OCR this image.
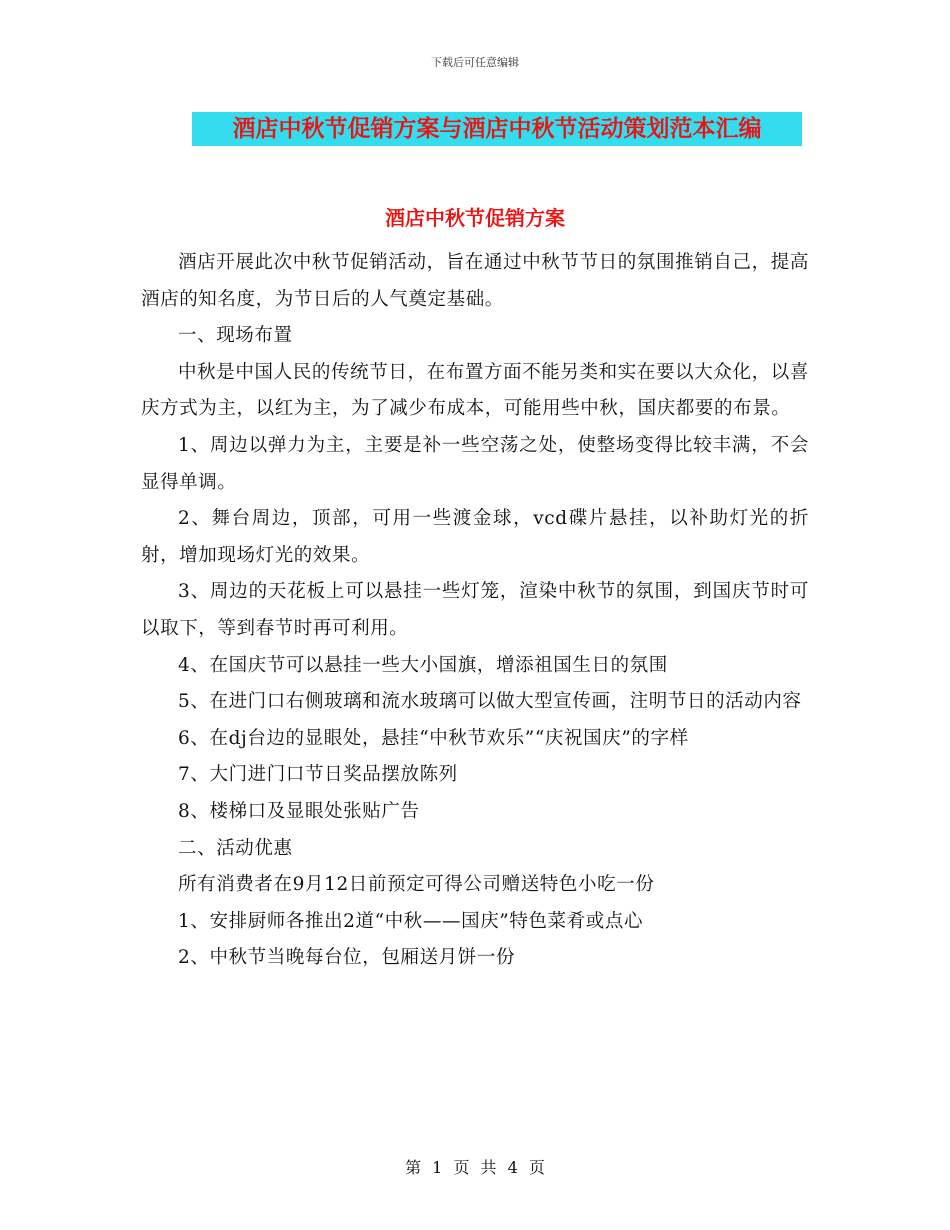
下载后可任意编辑
酒店中秋节促销方案与酒店中秋节活动策划范本汇编
酒店中秋节促销方案

酒店开展此次中秋节促销活动，旨在通过中秋节节日的氛围推销自己，提高酒店的知名度，为节日后的人气奠定基础。

一、现场布置

中秋是中国人民的传统节日，在布置方面不能另类和实在要以大众化，以喜庆方式为主，以红为主，为了减少布成本，可能用些中秋，国庆都要的布景。

1、周边以弹力为主，主要是补一些空荡之处，使整场变得比较丰满，不会显得单调。

2、舞台周边，顶部，可用一些渡金球，vcd碟片悬挂，以补助灯光的折射，增加现场灯光的效果。

3、周边的天花板上可以悬挂一些灯笼，渲染中秋节的氛围，到国庆节时可以取下，等到春节时再可利用。

4、在国庆节可以悬挂一些大小国旗，增添祖国生日的氛围

5、在进门口右侧玻璃和流水玻璃可以做大型宣传画，注明节日的活动内容

6、在dj台边的显眼处，悬挂“中秋节欢乐”“庆祝国庆”的字样

7、大门进门口节日奖品摆放陈列

8、楼梯口及显眼处张贴广告

二、活动优惠

所有消费者在9月12日前预定可得公司赠送特色小吃一份

1、安排厨师各推出2道“中秋——国庆”特色菜肴或点心

2、中秋节当晚每台位，包厢送月饼一份

第 1 页 共 4 页
